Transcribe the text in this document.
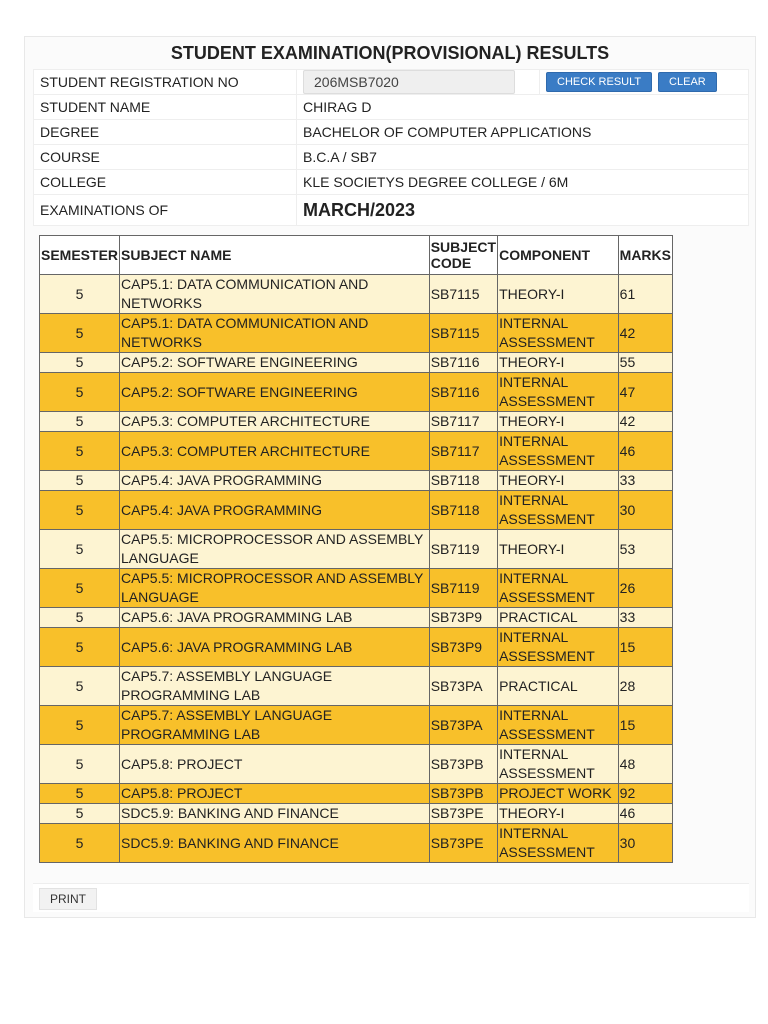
STUDENT EXAMINATION(PROVISIONAL) RESULTS
STUDENT REGISTRATION NO	206MSB7020	CHECK RESULT CLEAR
STUDENT NAME	CHIRAG D	
DEGREE	BACHELOR OF COMPUTER APPLICATIONS	
COURSE	B.C.A / SB7	
COLLEGE	KLE SOCIETYS DEGREE COLLEGE / 6M	
EXAMINATIONS OF	MARCH/2023	
SEMESTER	SUBJECT NAME	SUBJECT CODE	COMPONENT	MARKS
5	CAP5.1: DATA COMMUNICATION AND NETWORKS	SB7115	THEORY-I	61
5	CAP5.1: DATA COMMUNICATION AND NETWORKS	SB7115	INTERNAL ASSESSMENT	42
5	CAP5.2: SOFTWARE ENGINEERING	SB7116	THEORY-I	55
5	CAP5.2: SOFTWARE ENGINEERING	SB7116	INTERNAL ASSESSMENT	47
5	CAP5.3: COMPUTER ARCHITECTURE	SB7117	THEORY-I	42
5	CAP5.3: COMPUTER ARCHITECTURE	SB7117	INTERNAL ASSESSMENT	46
5	CAP5.4: JAVA PROGRAMMING	SB7118	THEORY-I	33
5	CAP5.4: JAVA PROGRAMMING	SB7118	INTERNAL ASSESSMENT	30
5	CAP5.5: MICROPROCESSOR AND ASSEMBLY LANGUAGE	SB7119	THEORY-I	53
5	CAP5.5: MICROPROCESSOR AND ASSEMBLY LANGUAGE	SB7119	INTERNAL ASSESSMENT	26
5	CAP5.6: JAVA PROGRAMMING LAB	SB73P9	PRACTICAL	33
5	CAP5.6: JAVA PROGRAMMING LAB	SB73P9	INTERNAL ASSESSMENT	15
5	CAP5.7: ASSEMBLY LANGUAGE PROGRAMMING LAB	SB73PA	PRACTICAL	28
5	CAP5.7: ASSEMBLY LANGUAGE PROGRAMMING LAB	SB73PA	INTERNAL ASSESSMENT	15
5	CAP5.8: PROJECT	SB73PB	INTERNAL ASSESSMENT	48
5	CAP5.8: PROJECT	SB73PB	PROJECT WORK	92
5	SDC5.9: BANKING AND FINANCE	SB73PE	THEORY-I	46
5	SDC5.9: BANKING AND FINANCE	SB73PE	INTERNAL ASSESSMENT	30
PRINT
